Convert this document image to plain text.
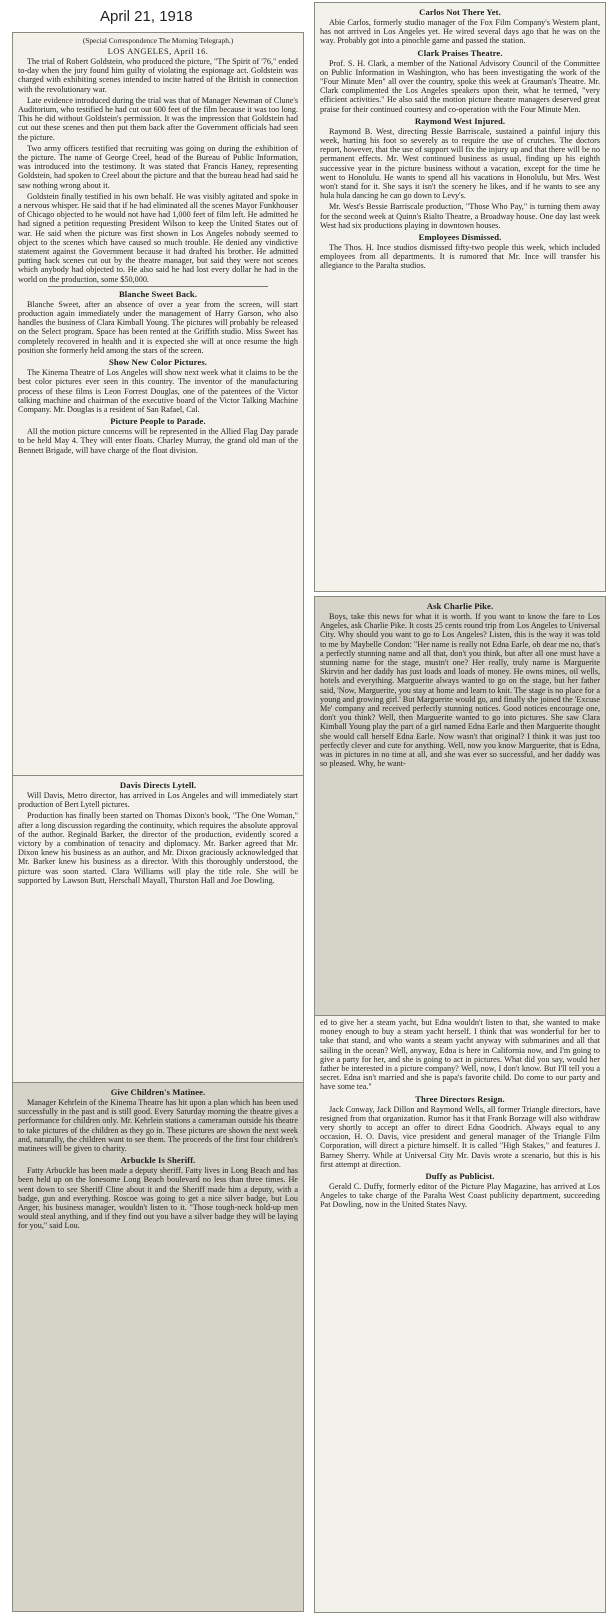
April 21, 1918
(Special Correspondence The Morning Telegraph.)
LOS ANGELES, April 16.

The trial of Robert Goldstein, who produced the picture, "The Spirit of '76," ended to-day when the jury found him guilty of violating the espionage act. Goldstein was charged with exhibiting scenes intended to incite hatred of the British in connection with the revolutionary war.

Late evidence introduced during the trial was that of Manager Newman of Clune's Auditorium, who testified he had cut out 600 feet of the film because it was too long. This he did without Goldstein's permission. It was the impression that Goldstein had cut out these scenes and then put them back after the Government officials had seen the picture.

Two army officers testified that recruiting was going on during the exhibition of the picture. The name of George Creel, head of the Bureau of Public Information, was introduced into the testimony. It was stated that Francis Haney, representing Goldstein, had spoken to Creel about the picture and that the bureau head had said he saw nothing wrong about it.

Goldstein finally testified in his own behalf. He was visibly agitated and spoke in a nervous whisper. He said that if he had eliminated all the scenes Mayor Funkhouser of Chicago objected to he would not have had 1,000 feet of film left. He admitted he had signed a petition requesting President Wilson to keep the United States out of war. He said when the picture was first shown in Los Angeles nobody seemed to object to the scenes which have caused so much trouble. He denied any vindictive statement against the Government because it had drafted his brother. He admitted putting back scenes cut out by the theatre manager, but said they were not scenes which anybody had objected to. He also said he had lost every dollar he had in the world on the production, some $50,000.

Blanche Sweet Back.

Blanche Sweet, after an absence of over a year from the screen, will start production again immediately under the management of Harry Garson, who also handles the business of Clara Kimball Young. The pictures will probably be released on the Select program. Space has been rented at the Griffith studio. Miss Sweet has completely recovered in health and it is expected she will at once resume the high position she formerly held among the stars of the screen.

Show New Color Pictures.

The Kinema Theatre of Los Angeles will show next week what it claims to be the best color pictures ever seen in this country. The inventor of the manufacturing process of these films is Leon Forrest Douglas, one of the patentees of the Victor talking machine and chairman of the executive board of the Victor Talking Machine Company. Mr. Douglas is a resident of San Rafael, Cal.

Picture People to Parade.

All the motion picture concerns will be represented in the Allied Flag Day parade to be held May 4. They will enter floats. Charley Murray, the grand old man of the Bennett Brigade, will have charge of the float division.

Davis Directs Lytell.

Will Davis, Metro director, has arrived in Los Angeles and will immediately start production of Bert Lytell pictures.

Production has finally been started on Thomas Dixon's book, "The One Woman," after a long discussion regarding the continuity, which requires the absolute approval of the author. Reginald Barker, the director of the production, evidently scored a victory by a combination of tenacity and diplomacy. Mr. Barker agreed that Mr. Dixon knew his business as an author, and Mr. Dixon graciously acknowledged that Mr. Barker knew his business as a director. With this thoroughly understood, the picture was soon started. Clara Williams will play the title role. She will be supported by Lawson Butt, Herschall Mayall, Thurston Hall and Joe Dowling.

Give Children's Matinee.

Manager Kehrlein of the Kinema Theatre has hit upon a plan which has been used successfully in the past and is still good. Every Saturday morning the theatre gives a performance for children only. Mr. Kehrlein stations a cameraman outside his theatre to take pictures of the children as they go in. These pictures are shown the next week and, naturally, the children want to see them. The proceeds of the first four children's matinees will be given to charity.

Arbuckle Is Sheriff.

Fatty Arbuckle has been made a deputy sheriff. Fatty lives in Long Beach and has been held up on the lonesome Long Beach boulevard no less than three times. He went down to see Sheriff Cline about it and the Sheriff made him a deputy, with a badge, gun and everything. Roscoe was going to get a nice silver badge, but Lou Anger, his business manager, wouldn't listen to it. "Those tough-neck hold-up men would steal anything, and if they find out you have a silver badge they will be laying for you," said Lou.

Carlos Not There Yet.

Abie Carlos, formerly studio manager of the Fox Film Company's Western plant, has not arrived in Los Angeles yet. He wired several days ago that he was on the way. Probably got into a pinochle game and passed the station.

Clark Praises Theatre.

Prof. S. H. Clark, a member of the National Advisory Council of the Committee on Public Information in Washington, who has been investigating the work of the "Four Minute Men" all over the country, spoke this week at Grauman's Theatre. Mr. Clark complimented the Los Angeles speakers upon their, what he termed, "very efficient activities." He also said the motion picture theatre managers deserved great praise for their continued courtesy and co-operation with the Four Minute Men.

Raymond West Injured.

Raymond B. West, directing Bessie Barriscale, sustained a painful injury this week, hurting his foot so severely as to require the use of crutches. The doctors report, however, that the use of support will fix the injury up and that there will be no permanent effects. Mr. West continued business as usual, finding up his eighth successive year in the picture business without a vacation, except for the time he went to Honolulu. He wants to spend all his vacations in Honolulu, but Mrs. West won't stand for it. She says it isn't the scenery he likes, and if he wants to see any hula hula dancing he can go down to Levy's.

Mr. West's Bessie Barriscale production, "Those Who Pay," is turning them away for the second week at Quinn's Rialto Theatre, a Broadway house. One day last week West had six productions playing in downtown houses.

Employees Dismissed.

The Thos. H. Ince studios dismissed fifty-two people this week, which included employees from all departments. It is rumored that Mr. Ince will transfer his allegiance to the Paralta studios.

Ask Charlie Pike.

Boys, take this news for what it is worth. If you want to know the fare to Los Angeles, ask Charlie Pike. It costs 25 cents round trip from Los Angeles to Universal City. Why should you want to go to Los Angeles? Listen, this is the way it was told to me by Maybelle Condon: "Her name is really not Edna Earle, oh dear me no, that's a perfectly stunning name and all that, don't you think, but after all one must have a stunning name for the stage, mustn't one? Her really, truly name is Marguerite Skirvin and her daddy has just loads and loads of money. He owns mines, oil wells, hotels and everything. Marguerite always wanted to go on the stage, but her father said, 'Now, Marguerite, you stay at home and learn to knit. The stage is no place for a young and growing girl.' But Marguerite would go, and finally she joined the 'Excuse Me' company and received perfectly stunning notices. Good notices encourage one, don't you think? Well, then Marguerite wanted to go into pictures. She saw Clara Kimball Young play the part of a girl named Edna Earle and then Marguerite thought she would call herself Edna Earle. Now wasn't that original? I think it was just too perfectly clever and cute for anything. Well, now you know Marguerite, that is Edna, was in pictures in no time at all, and she was ever so successful, and her daddy was so pleased. Why, he want-

ed to give her a steam yacht, but Edna wouldn't listen to that, she wanted to make money enough to buy a steam yacht herself. I think that was wonderful for her to take that stand, and who wants a steam yacht anyway with submarines and all that sailing in the ocean? Well, anyway, Edna is here in California now, and I'm going to give a party for her, and she is going to act in pictures. What did you say, would her father be interested in a picture company? Well, now, I don't know. But I'll tell you a secret. Edna isn't married and she is papa's favorite child. Do come to our party and have some tea."

Three Directors Resign.

Jack Conway, Jack Dillon and Raymond Wells, all former Triangle directors, have resigned from that organization. Rumor has it that Frank Borzage will also withdraw very shortly to accept an offer to direct Edna Goodrich. Always equal to any occasion, H. O. Davis, vice president and general manager of the Triangle Film Corporation, will direct a picture himself. It is called "High Stakes," and features J. Barney Sherry. While at Universal City Mr. Davis wrote a scenario, but this is his first attempt at direction.

Duffy as Publicist.

Gerald C. Duffy, formerly editor of the Picture Play Magazine, has arrived at Los Angeles to take charge of the Paralta West Coast publicity department, succeeding Pat Dowling, now in the United States Navy.
